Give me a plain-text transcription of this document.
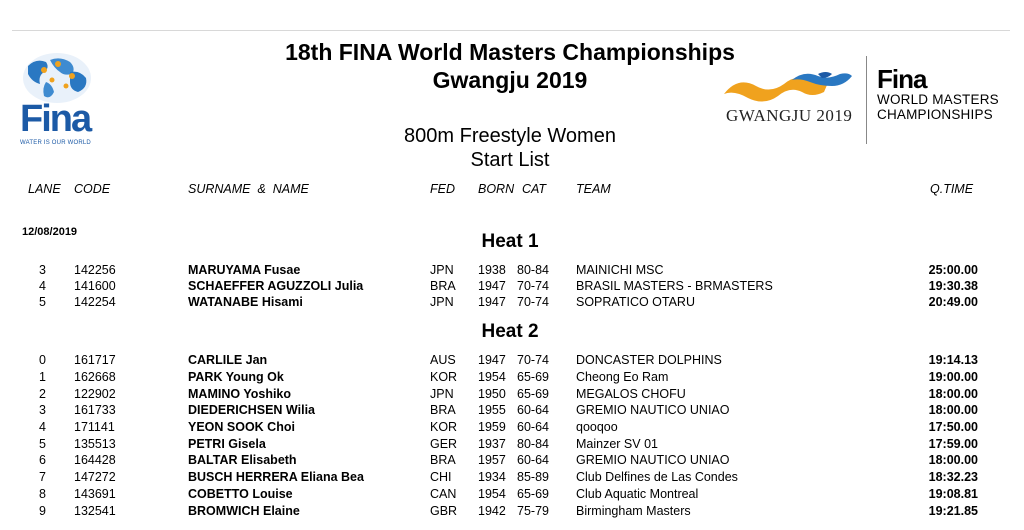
Fina
WATER IS OUR WORLD
18th FINA World Masters Championships
Gwangju 2019
800m Freestyle Women
Start List
GWANGJU 2019
Fina
WORLD MASTERS
CHAMPIONSHIPS
LANE CODE	SURNAME  &  NAME	FED BORN CAT TEAM	Q.TIME
12/08/2019	Heat 1
3 142256	MARUYAMA Fusae	JPN 1938 80-84 MAINICHI MSC	25:00.00
4 141600	SCHAEFFER AGUZZOLI Julia	BRA 1947 70-74 BRASIL MASTERS - BRMASTERS	19:30.38
5 142254	WATANABE Hisami	JPN 1947 70-74 SOPRATICO OTARU	20:49.00
Heat 2
0 161717	CARLILE Jan	AUS 1947 70-74 DONCASTER DOLPHINS	19:14.13
1 162668	PARK Young Ok	KOR 1954 65-69 Cheong Eo Ram	19:00.00
2 122902	MAMINO Yoshiko	JPN 1950 65-69 MEGALOS CHOFU	18:00.00
3 161733	DIEDERICHSEN Wilia	BRA 1955 60-64 GREMIO NAUTICO UNIAO	18:00.00
4 171141	YEON SOOK Choi	KOR 1959 60-64 qooqoo	17:50.00
5 135513	PETRI Gisela	GER 1937 80-84 Mainzer SV 01	17:59.00
6 164428	BALTAR Elisabeth	BRA 1957 60-64 GREMIO NAUTICO UNIAO	18:00.00
7 147272	BUSCH HERRERA Eliana Bea	CHI 1934 85-89 Club Delfines de Las Condes	18:32.23
8 143691	COBETTO Louise	CAN 1954 65-69 Club Aquatic Montreal	19:08.81
9 132541	BROMWICH Elaine	GBR 1942 75-79 Birmingham Masters	19:21.85
